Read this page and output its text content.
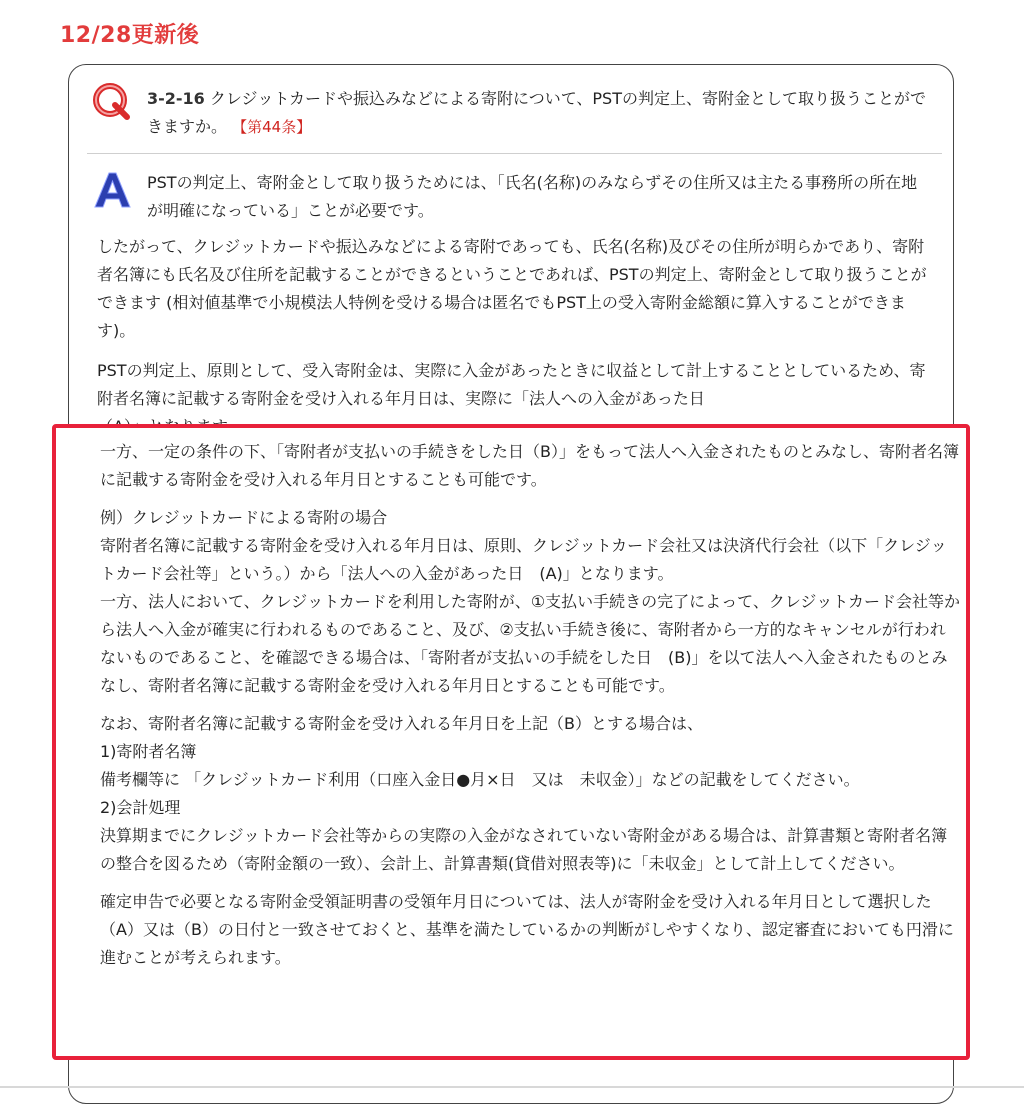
12/28更新後
3-2-16 クレジットカードや振込みなどによる寄附について、PSTの判定上、寄附金として取り扱うことができますか。 【第44条】
PSTの判定上、寄附金として取り扱うためには、「氏名(名称)のみならずその住所又は主たる事務所の所在地が明確になっている」ことが必要です。

したがって、クレジットカードや振込みなどによる寄附であっても、氏名(名称)及びその住所が明らかであり、寄附者名簿にも氏名及び住所を記載することができるということであれば、PSTの判定上、寄附金として取り扱うことができます (相対値基準で小規模法人特例を受ける場合は匿名でもPST上の受入寄附金総額に算入することができます)。

PSTの判定上、原則として、受入寄附金は、実際に入金があったときに収益として計上することとしているため、寄附者名簿に記載する寄附金を受け入れる年月日は、実際に「法人への入金があった日

一方、一定の条件の下、「寄附者が支払いの手続きをした日（B）」をもって法人へ入金されたものとみなし、寄附者名簿に記載する寄附金を受け入れる年月日とすることも可能です。

例）クレジットカードによる寄附の場合
寄附者名簿に記載する寄附金を受け入れる年月日は、原則、クレジットカード会社又は決済代行会社（以下「クレジットカード会社等」という。）から「法人への入金があった日　(A)」となります。
一方、法人において、クレジットカードを利用した寄附が、①支払い手続きの完了によって、クレジットカード会社等から法人へ入金が確実に行われるものであること、及び、②支払い手続き後に、寄附者から一方的なキャンセルが行われないものであること、を確認できる場合は、「寄附者が支払いの手続をした日　(B)」を以て法人へ入金されたものとみなし、寄附者名簿に記載する寄附金を受け入れる年月日とすることも可能です。

なお、寄附者名簿に記載する寄附金を受け入れる年月日を上記（B）とする場合は、
1)寄附者名簿
備考欄等に 「クレジットカード利用（口座入金日●月×日　又は　未収金）」などの記載をしてください。
2)会計処理
決算期までにクレジットカード会社等からの実際の入金がなされていない寄附金がある場合は、計算書類と寄附者名簿の整合を図るため（寄附金額の一致）、会計上、計算書類(貸借対照表等)に「未収金」として計上してください。

確定申告で必要となる寄附金受領証明書の受領年月日については、法人が寄附金を受け入れる年月日として選択した（A）又は（B）の日付と一致させておくと、基準を満たしているかの判断がしやすくなり、認定審査においても円滑に進むことが考えられます。
